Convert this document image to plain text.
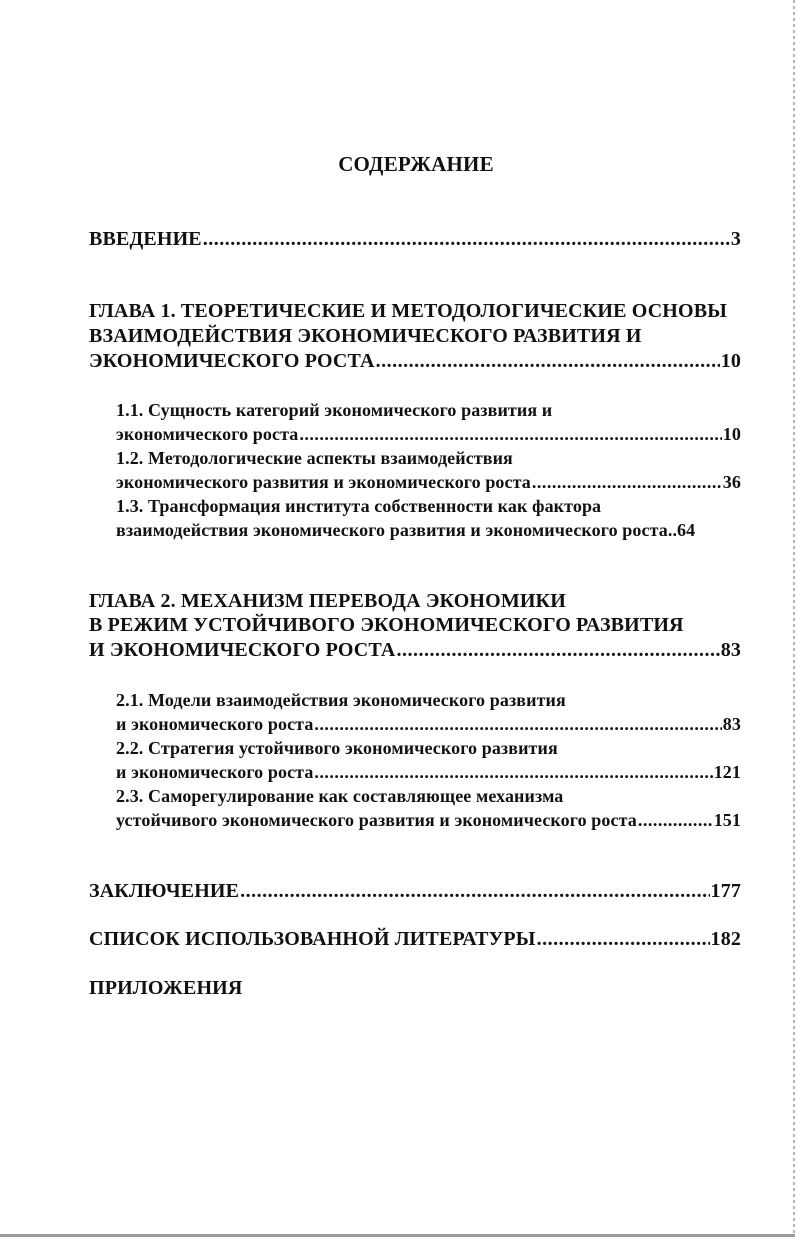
СОДЕРЖАНИЕ
ВВЕДЕНИЕ .....	3
ГЛАВА 1. ТЕОРЕТИЧЕСКИЕ И МЕТОДОЛОГИЧЕСКИЕ ОСНОВЫ
ВЗАИМОДЕЙСТВИЯ ЭКОНОМИЧЕСКОГО РАЗВИТИЯ И
ЭКОНОМИЧЕСКОГО РОСТА .....	10
1.1. Сущность категорий экономического развития и
экономического роста .....	10
1.2. Методологические аспекты взаимодействия
экономического развития и экономического роста .....	36
1.3. Трансформация института собственности как фактора
взаимодействия экономического развития и экономического роста ..64
ГЛАВА 2. МЕХАНИЗМ ПЕРЕВОДА ЭКОНОМИКИ
В РЕЖИМ УСТОЙЧИВОГО ЭКОНОМИЧЕСКОГО РАЗВИТИЯ
И ЭКОНОМИЧЕСКОГО РОСТА .....	83
2.1. Модели взаимодействия экономического развития
и экономического роста .....	83
2.2. Стратегия устойчивого экономического развития
и экономического роста .....	121
2.3. Саморегулирование как составляющее механизма
устойчивого экономического развития и экономического роста .....	151
ЗАКЛЮЧЕНИЕ .....	177
СПИСОК ИСПОЛЬЗОВАННОЙ ЛИТЕРАТУРЫ .....	182
ПРИЛОЖЕНИЯ
